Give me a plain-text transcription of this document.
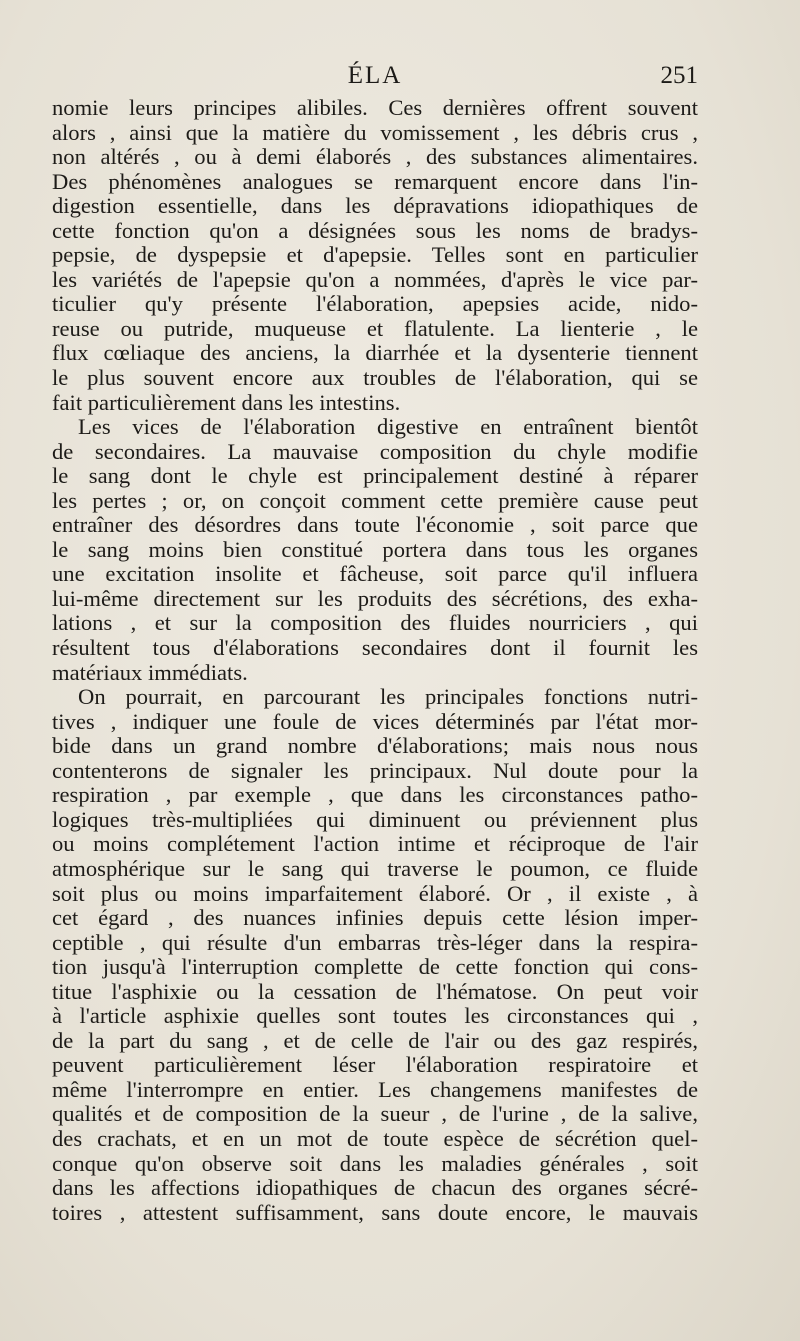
ÉLA	251
nomie leurs principes alibiles. Ces dernières offrent souvent
alors , ainsi que la matière du vomissement , les débris crus ,
non altérés , ou à demi élaborés , des substances alimentaires.
Des phénomènes analogues se remarquent encore dans l'in-
digestion essentielle, dans les dépravations idiopathiques de
cette fonction qu'on a désignées sous les noms de bradys-
pepsie, de dyspepsie et d'apepsie. Telles sont en particulier
les variétés de l'apepsie qu'on a nommées, d'après le vice par-
ticulier qu'y présente l'élaboration, apepsies acide, nido-
reuse ou putride, muqueuse et flatulente. La lienterie , le
flux cœliaque des anciens, la diarrhée et la dysenterie tiennent
le plus souvent encore aux troubles de l'élaboration, qui se
fait particulièrement dans les intestins.
Les vices de l'élaboration digestive en entraînent bientôt
de secondaires. La mauvaise composition du chyle modifie
le sang dont le chyle est principalement destiné à réparer
les pertes ; or, on conçoit comment cette première cause peut
entraîner des désordres dans toute l'économie , soit parce que
le sang moins bien constitué portera dans tous les organes
une excitation insolite et fâcheuse, soit parce qu'il influera
lui-même directement sur les produits des sécrétions, des exha-
lations , et sur la composition des fluides nourriciers , qui
résultent tous d'élaborations secondaires dont il fournit les
matériaux immédiats.
On pourrait, en parcourant les principales fonctions nutri-
tives , indiquer une foule de vices déterminés par l'état mor-
bide dans un grand nombre d'élaborations; mais nous nous
contenterons de signaler les principaux. Nul doute pour la
respiration , par exemple , que dans les circonstances patho-
logiques très-multipliées qui diminuent ou préviennent plus
ou moins complétement l'action intime et réciproque de l'air
atmosphérique sur le sang qui traverse le poumon, ce fluide
soit plus ou moins imparfaitement élaboré. Or , il existe , à
cet égard , des nuances infinies depuis cette lésion imper-
ceptible , qui résulte d'un embarras très-léger dans la respira-
tion jusqu'à l'interruption complette de cette fonction qui cons-
titue l'asphixie ou la cessation de l'hématose. On peut voir
à l'article asphixie quelles sont toutes les circonstances qui ,
de la part du sang , et de celle de l'air ou des gaz respirés,
peuvent particulièrement léser l'élaboration respiratoire et
même l'interrompre en entier. Les changemens manifestes de
qualités et de composition de la sueur , de l'urine , de la salive,
des crachats, et en un mot de toute espèce de sécrétion quel-
conque qu'on observe soit dans les maladies générales , soit
dans les affections idiopathiques de chacun des organes sécré-
toires , attestent suffisamment, sans doute encore, le mauvais
